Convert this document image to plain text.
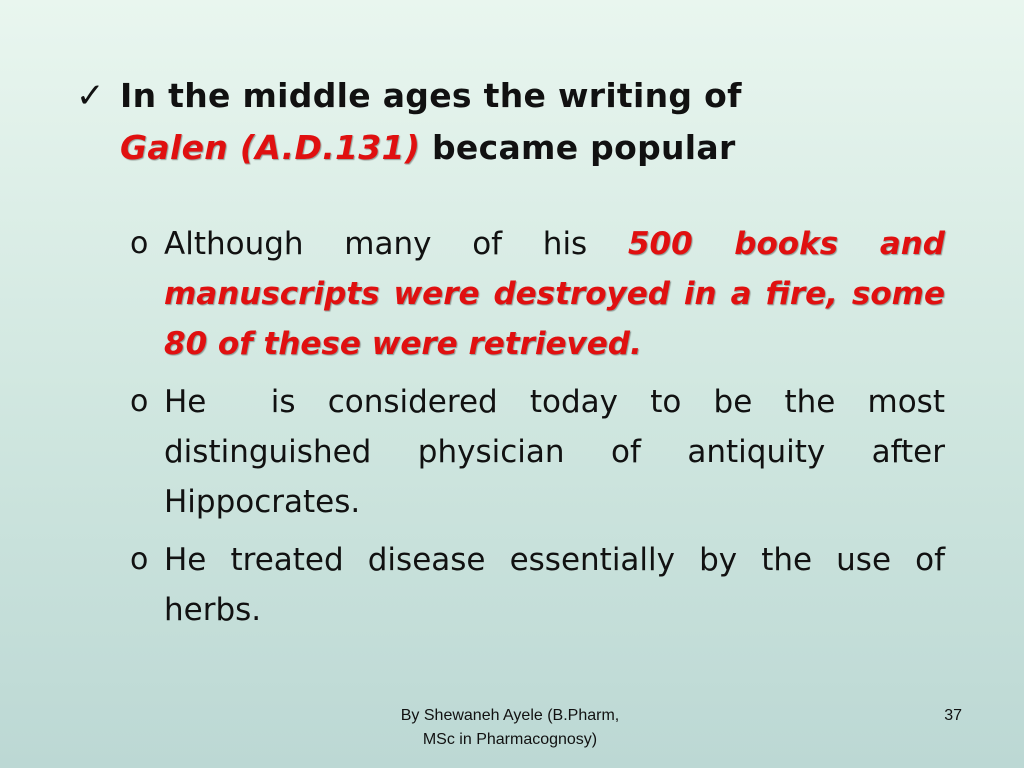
✓ In the middle ages the writing of
Galen (A.D.131) became popular
o Although many of his 500 books and manuscripts were destroyed in a fire, some 80 of these were retrieved.
o He  is considered today to be the most distinguished physician of antiquity after Hippocrates.
o He treated disease essentially by the use of herbs.
By Shewaneh Ayele (B.Pharm,
MSc in Pharmacognosy)
37
